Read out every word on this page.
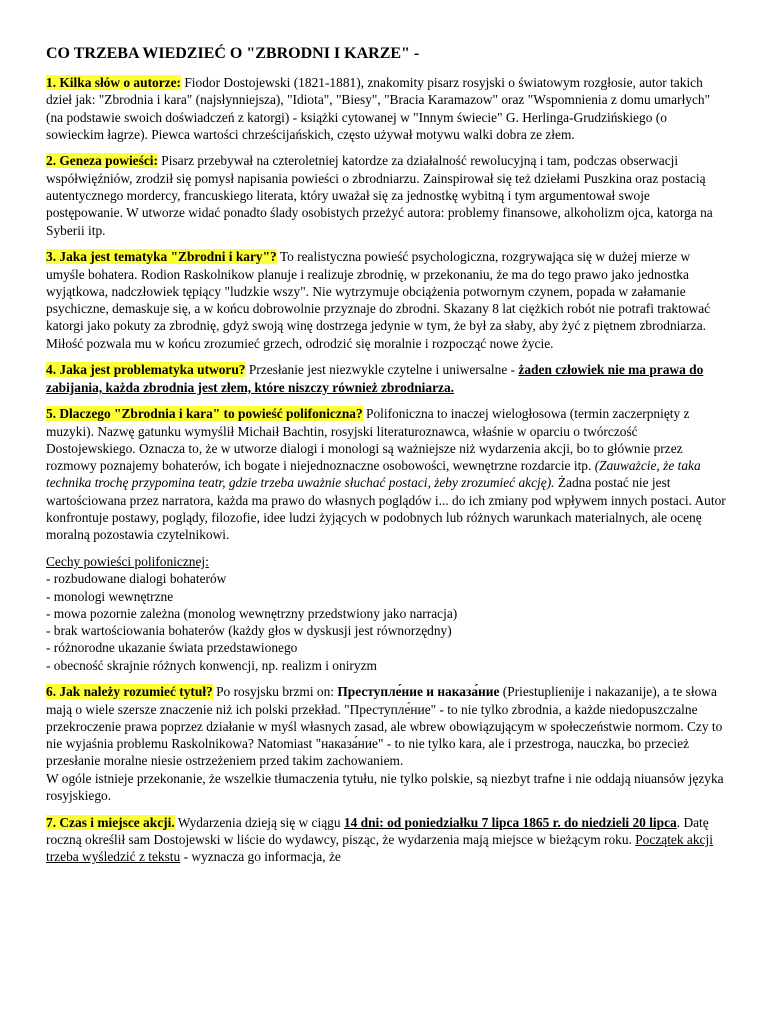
CO TRZEBA WIEDZIEĆ O "ZBRODNI I KARZE" -

1. Kilka słów o autorze: Fiodor Dostojewski (1821-1881), znakomity pisarz rosyjski o światowym rozgłosie, autor takich dzieł jak: "Zbrodnia i kara" (najsłynniejsza), "Idiota", "Biesy", "Bracia Karamazow" oraz "Wspomnienia z domu umarłych" (na podstawie swoich doświadczeń z katorgi) - książki cytowanej w "Innym świecie" G. Herlinga-Grudzińskiego (o sowieckim łagrze). Piewca wartości chrześcijańskich, często używał motywu walki dobra ze złem.

2. Geneza powieści: Pisarz przebywał na czteroletniej katordze za działalność rewolucyjną i tam, podczas obserwacji współwięźniów, zrodził się pomysł napisania powieści o zbrodniarzu. Zainspirował się też dziełami Puszkina oraz postacią autentycznego mordercy, francuskiego literata, który uważał się za jednostkę wybitną i tym argumentował swoje postępowanie. W utworze widać ponadto ślady osobistych przeżyć autora: problemy finansowe, alkoholizm ojca, katorga na Syberii itp.

3. Jaka jest tematyka "Zbrodni i kary"? To realistyczna powieść psychologiczna, rozgrywająca się w dużej mierze w umyśle bohatera. Rodion Raskolnikow planuje i realizuje zbrodnię, w przekonaniu, że ma do tego prawo jako jednostka wyjątkowa, nadczłowiek tępiący "ludzkie wszy". Nie wytrzymuje obciążenia potwornym czynem, popada w załamanie psychiczne, demaskuje się, a w końcu dobrowolnie przyznaje do zbrodni. Skazany 8 lat ciężkich robót nie potrafi traktować katorgi jako pokuty za zbrodnię, gdyż swoją winę dostrzega jedynie w tym, że był za słaby, aby żyć z piętnem zbrodniarza. Miłość pozwala mu w końcu zrozumieć grzech, odrodzić się moralnie i rozpocząć nowe życie.

4. Jaka jest problematyka utworu? Przesłanie jest niezwykle czytelne i uniwersalne - żaden człowiek nie ma prawa do zabijania, każda zbrodnia jest złem, które niszczy również zbrodniarza.

5. Dlaczego "Zbrodnia i kara" to powieść polifoniczna? Polifoniczna to inaczej wielogłosowa (termin zaczerpnięty z muzyki). Nazwę gatunku wymyślił Michaił Bachtin, rosyjski literaturoznawca, właśnie w oparciu o twórczość Dostojewskiego. Oznacza to, że w utworze dialogi i monologi są ważniejsze niż wydarzenia akcji, bo to głównie przez rozmowy poznajemy bohaterów, ich bogate i niejednoznaczne osobowości, wewnętrzne rozdarcie itp. (Zauważcie, że taka technika trochę przypomina teatr, gdzie trzeba uważnie słuchać postaci, żeby zrozumieć akcję). Żadna postać nie jest wartościowana przez narratora, każda ma prawo do własnych poglądów i... do ich zmiany pod wpływem innych postaci. Autor konfrontuje postawy, poglądy, filozofie, idee ludzi żyjących w podobnych lub różnych warunkach materialnych, ale ocenę moralną pozostawia czytelnikowi.

Cechy powieści polifonicznej:
- rozbudowane dialogi bohaterów
- monologi wewnętrzne
- mowa pozornie zależna (monolog wewnętrzny przedstwiony jako narracja)
- brak wartościowania bohaterów (każdy głos w dyskusji jest równorzędny)
- różnorodne ukazanie świata przedstawionego
- obecność skrajnie różnych konwencji, np. realizm i oniryzm
6. Jak należy rozumieć tytuł? Po rosyjsku brzmi on: Преступле́ние и наказа́ние (Priestuplienije i nakazanije), a te słowa mają o wiele szersze znaczenie niż ich polski przekład. "Преступле́ние" - to nie tylko zbrodnia, a każde niedopuszczalne przekroczenie prawa poprzez działanie w myśl własnych zasad, ale wbrew obowiązującym w społeczeństwie normom. Czy to nie wyjaśnia problemu Raskolnikowa? Natomiast "наказа́ние" - to nie tylko kara, ale i przestroga, nauczka, bo przecież przesłanie moralne niesie ostrzeżeniem przed takim zachowaniem.
W ogóle istnieje przekonanie, że wszelkie tłumaczenia tytułu, nie tylko polskie, są niezbyt trafne i nie oddają niuansów języka rosyjskiego.

7. Czas i miejsce akcji. Wydarzenia dzieją się w ciągu 14 dni: od poniedziałku 7 lipca 1865 r. do niedzieli 20 lipca. Datę roczną określił sam Dostojewski w liście do wydawcy, pisząc, że wydarzenia mają miejsce w bieżącym roku. Początek akcji trzeba wyśledzić z tekstu - wyznacza go informacja, że
